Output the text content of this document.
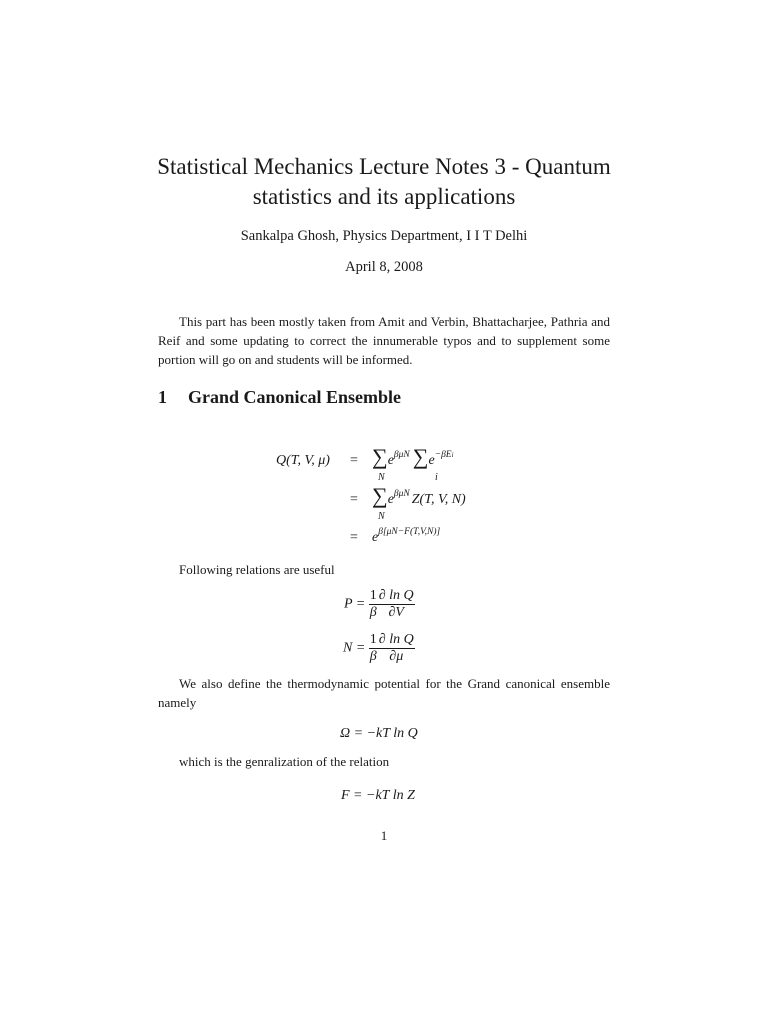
Statistical Mechanics Lecture Notes 3 - Quantum
statistics and its applications
Sankalpa Ghosh, Physics Department, I I T Delhi
April 8, 2008

This part has been mostly taken from Amit and Verbin, Bhattacharjee, Pathria and Reif and some updating to correct the innumerable typos and to supplement some portion will go on and students will be informed.

1 Grand Canonical Ensemble
Q(T, V, μ) =
=
=
$\sum e^{\beta\mu N}$ $\sum e^{-\beta Ei}$
N	i
$\sum e^{\beta\mu N}$ Z(T, V, N)
N
$e^{\beta[\mu N-F(T,V,N)]}$
Following relations are useful
$P = \frac{1}{\beta} \frac{\text{∂ ln Q}}{\partial V}$
$N = \frac{1}{\beta} \frac{\text{∂ ln Q}}{\partial\mu}$

We also define the thermodynamic potential for the Grand canonical ensemble namely

Ω = −kT ln Q
which is the genralization of the relation
F = −kT ln Z
1
